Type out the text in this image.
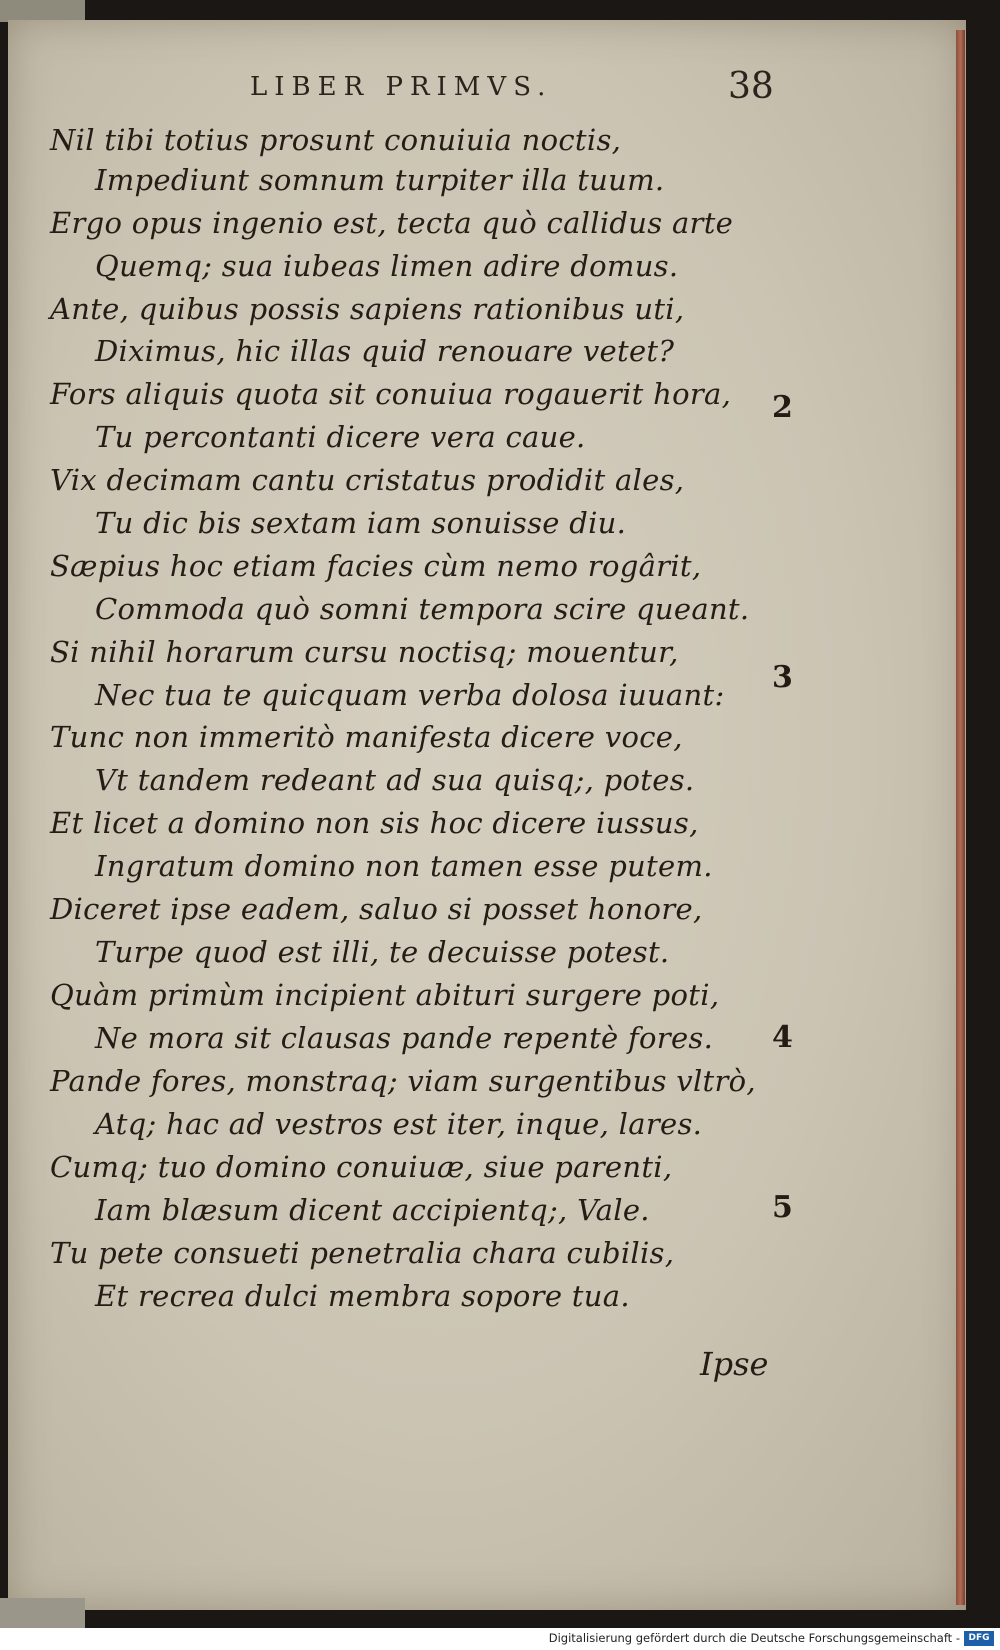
LIBER PRIMVS.	38

Nil tibi totius prosunt conuiuia noctis,

Impediunt somnum turpiter illa tuum.

Ergo opus ingenio est, tecta quò callidus arte

Quemq; sua iubeas limen adire domus.

Ante, quibus possis sapiens rationibus uti,

Diximus, hic illas quid renouare vetet?

Fors aliquis quota sit conuiua rogauerit hora,

Tu percontanti dicere vera caue.

Vix decimam cantu cristatus prodidit ales,

Tu dic bis sextam iam sonuisse diu.

Sæpius hoc etiam facies cùm nemo rogârit,

Commoda quò somni tempora scire queant.

Si nihil horarum cursu noctisq; mouentur,

Nec tua te quicquam verba dolosa iuuant:

Tunc non immeritò manifesta dicere voce,

Vt tandem redeant ad sua quisq;, potes.

Et licet a domino non sis hoc dicere iussus,

Ingratum domino non tamen esse putem.

Diceret ipse eadem, saluo si posset honore,

Turpe quod est illi, te decuisse potest.

Quàm primùm incipient abituri surgere poti,

Ne mora sit clausas pande repentè fores.

Pande fores, monstraq; viam surgentibus vltrò,

Atq; hac ad vestros est iter, inque, lares.

Cumq; tuo domino conuiuæ, siue parenti,

Iam blæsum dicent accipientq;, Vale.

Tu pete consueti penetralia chara cubilis,

Et recrea dulci membra sopore tua.

2

3

4

5

Ipse

Digitalisierung gefördert durch die Deutsche Forschungsgemeinschaft - DFG
